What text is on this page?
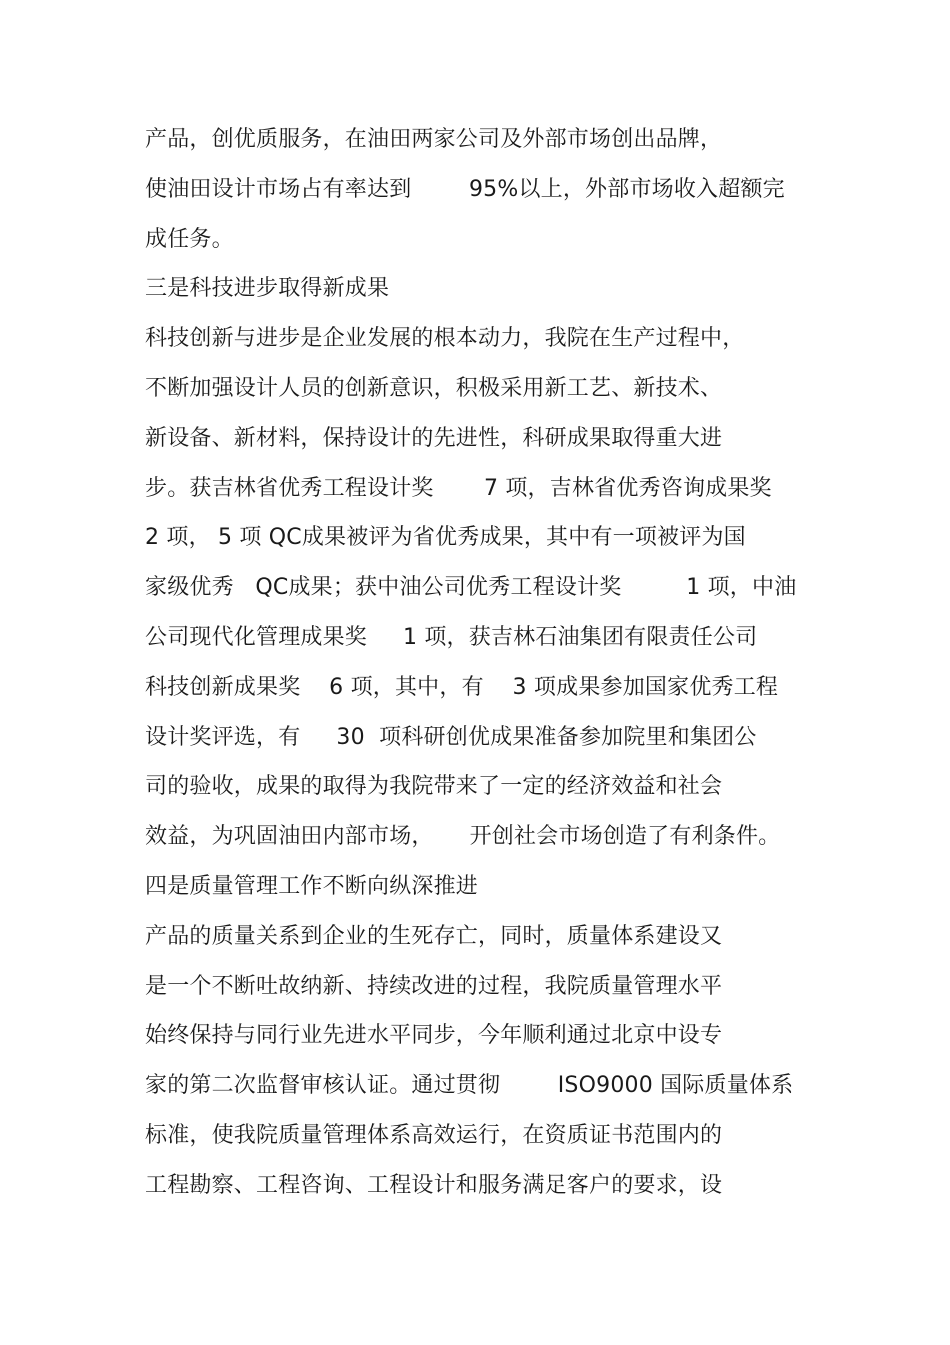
产品，创优质服务，在油田两家公司及外部市场创出品牌，
使油田设计市场占有率达到        95%以上，外部市场收入超额完
成任务。
三是科技进步取得新成果
科技创新与进步是企业发展的根本动力，我院在生产过程中，
不断加强设计人员的创新意识，积极采用新工艺、新技术、
新设备、新材料，保持设计的先进性，科研成果取得重大进
步。获吉林省优秀工程设计奖       7 项，吉林省优秀咨询成果奖
2 项， 5 项 QC成果被评为省优秀成果，其中有一项被评为国
家级优秀   QC成果；获中油公司优秀工程设计奖         1 项，中油
公司现代化管理成果奖     1 项，获吉林石油集团有限责任公司
科技创新成果奖    6 项，其中，有    3 项成果参加国家优秀工程
设计奖评选，有     30  项科研创优成果准备参加院里和集团公
司的验收，成果的取得为我院带来了一定的经济效益和社会
效益，为巩固油田内部市场，     开创社会市场创造了有利条件。
四是质量管理工作不断向纵深推进
产品的质量关系到企业的生死存亡，同时，质量体系建设又
是一个不断吐故纳新、持续改进的过程，我院质量管理水平
始终保持与同行业先进水平同步，今年顺利通过北京中设专
家的第二次监督审核认证。通过贯彻        ISO9000 国际质量体系
标准，使我院质量管理体系高效运行，在资质证书范围内的
工程勘察、工程咨询、工程设计和服务满足客户的要求，设
